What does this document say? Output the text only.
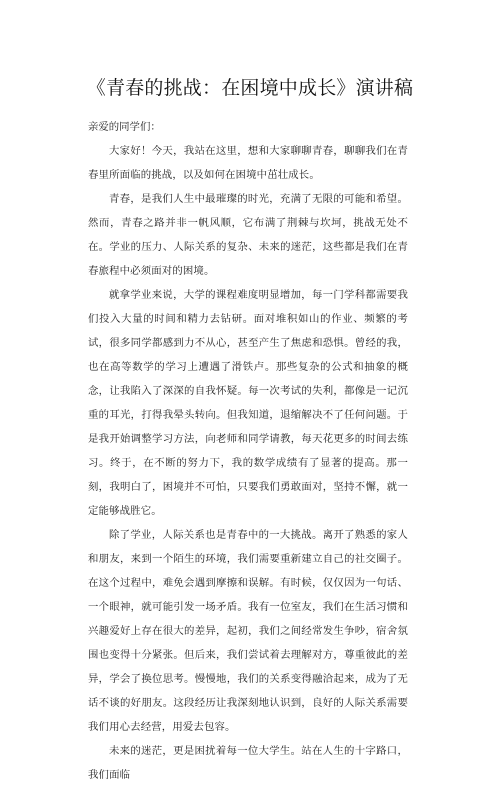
《青春的挑战：在困境中成长》演讲稿

亲爱的同学们：

大家好！今天，我站在这里，想和大家聊聊青春，聊聊我们在青春里所面临的挑战，以及如何在困境中茁壮成长。

青春，是我们人生中最璀璨的时光，充满了无限的可能和希望。然而，青春之路并非一帆风顺，它布满了荆棘与坎坷，挑战无处不在。学业的压力、人际关系的复杂、未来的迷茫，这些都是我们在青春旅程中必须面对的困境。

就拿学业来说，大学的课程难度明显增加，每一门学科都需要我们投入大量的时间和精力去钻研。面对堆积如山的作业、频繁的考试，很多同学都感到力不从心，甚至产生了焦虑和恐惧。曾经的我，也在高等数学的学习上遭遇了滑铁卢。那些复杂的公式和抽象的概念，让我陷入了深深的自我怀疑。每一次考试的失利，都像是一记沉重的耳光，打得我晕头转向。但我知道，退缩解决不了任何问题。于是我开始调整学习方法，向老师和同学请教，每天花更多的时间去练习。终于，在不断的努力下，我的数学成绩有了显著的提高。那一刻，我明白了，困境并不可怕，只要我们勇敢面对，坚持不懈，就一定能够战胜它。

除了学业，人际关系也是青春中的一大挑战。离开了熟悉的家人和朋友，来到一个陌生的环境，我们需要重新建立自己的社交圈子。在这个过程中，难免会遇到摩擦和误解。有时候，仅仅因为一句话、一个眼神，就可能引发一场矛盾。我有一位室友，我们在生活习惯和兴趣爱好上存在很大的差异，起初，我们之间经常发生争吵，宿舍氛围也变得十分紧张。但后来，我们尝试着去理解对方，尊重彼此的差异，学会了换位思考。慢慢地，我们的关系变得融洽起来，成为了无话不谈的好朋友。这段经历让我深刻地认识到，良好的人际关系需要我们用心去经营，用爱去包容。

未来的迷茫，更是困扰着每一位大学生。站在人生的十字路口，我们面临
